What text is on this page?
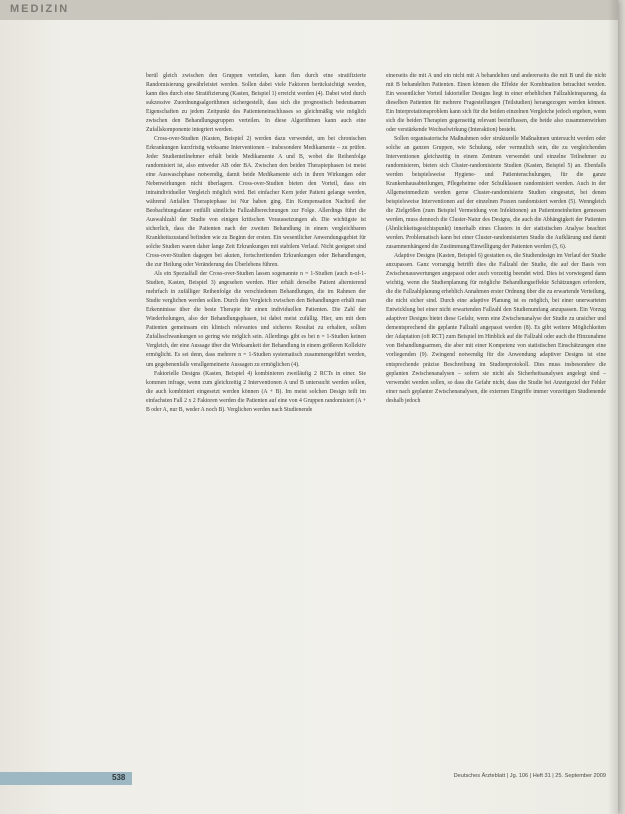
MEDIZIN

berül gleich zwischen den Gruppen verteilen, kann flen durch eine stratifizierte Randomisierung gewährleistet werden. Sollen dabei viele Faktoren berücksichtigt werden, kann dies durch eine Stratifizierung (Kasten, Beispiel 1) erreicht werden (4). Dabei wird durch sukzessive Zuordnungsalgorithmen sichergestellt, dass sich die prognostisch bedeutsamen Eigenschaften zu jedem Zeitpunkt des Patienteneinschlusses so gleichmäßig wie möglich zwischen den Behandlungsgruppen verteilen. In diese Algorithmen kann auch eine Zufallskomponente integriert werden.

Cross-over-Studien (Kasten, Beispiel 2) werden dazu verwendet, um bei chronischen Erkrankungen kurzfristig wirksame Interventionen – insbesondere Medikamente – zu prüfen. Jeder Studienteilnehmer erhält beide Medikamente A und B, wobei die Reihenfolge randomisiert ist, also entweder AB oder BA. Zwischen den beiden Therapiephasen ist meist eine Auswaschphase notwendig, damit beide Medikamente sich in ihren Wirkungen oder Nebenwirkungen nicht überlagern. Cross-over-Studien bieten den Vorteil, dass ein intraindividueller Vergleich möglich wird. Bei einfacher Kern jeder Patient gelange werden, während Anfallen Therapiephase ist Nur haben ging. Ein Kompensation Nachteil der Beobachtungsdauer entfällt sämtliche Fallzahlberechnungen zur Folge. Allerdings führt die Auswahlzahl der Studie von einigen kritischen Voraussetzungen ab. Die wichtigste ist sicherlich, dass die Patienten nach der zweiten Behandlung in einem vergleichbaren Krankheitszustand befinden wie zu Beginn der ersten. Ein wesentlicher Anwendungsgebiet für solche Studien waren daher lange Zeit Erkrankungen mit stabilem Verlauf. Nicht geeignet sind Cross-over-Studien dagegen bei akuten, fortschreitenden Erkrankungen oder Behandlungen, die zur Heilung oder Veränderung des Überlebens führen.

Als ein Spezialfall der Cross-over-Studien lassen sogenannte n = 1-Studien (auch n-of-1-Studien, Kasten, Beispiel 3) angesehen werden. Hier erhält derselbe Patient alternierend mehrfach in zufälliger Reihenfolge die verschiedenen Behandlungen, die im Rahmen der Studie verglichen werden sollen. Durch den Vergleich zwischen den Behandlungen erhält man Erkenntnisse über die beste Therapie für einen individuellen Patienten. Die Zahl der Wiederholungen, also der Behandlungsphasen, ist dabei meist zufällig. Hier, um mit dem Patienten gemeinsam ein klinisch relevantes und sicheres Resultat zu erhalten, sollten Zufallsschwankungen so gering wie möglich sein. Allerdings gibt es bei n = 1-Studien keinen Vergleich, der eine Aussage über die Wirksamkeit der Behandlung in einem größeren Kollektiv ermöglicht. Es sei denn, dass mehrere n = 1-Studien systematisch zusammengeführt werden, um gegebenenfalls verallgemeinerte Aussagen zu ermöglichen (4).

Faktorielle Designs (Kasten, Beispiel 4) kombinieren zweiläufig 2 RCTs in einer. Sie kommen infrage, wenn zum gleichzeitig 2 Interventionen A und B untersucht werden sollen, die auch kombiniert eingesetzt werden können (A + B). Im meist solchen Design teilt im einfachsten Fall 2 x 2 Faktoren werden die Patienten auf eine von 4 Gruppen randomisiert (A + B oder A, nur B, weder A noch B). Verglichen werden nach Studienende

einerseits die mit A und ein nicht mit A behandelten und andererseits die mit B und die nicht mit B behandelten Patienten. Einen können die Effekte der Kombination betrachtet werden. Ein wesentlicher Vorteil faktorieller Designs liegt in einer erheblichen Fallzahleinsparung, da dieselben Patienten für mehrere Fragestellungen (Teilstudien) herangezogen werden können. Ein Interpretationsproblem kann sich für die beiden einzelnen Vergleiche jedoch ergeben, wenn sich die beiden Therapien gegenseitig relevant beeinflussen, die beide also zusammenwirken oder verstärkende Wechselwirkung (Interaktion) besteht.

Sollen organisatorische Maßnahmen oder strukturelle Maßnahmen untersucht werden oder solche an ganzen Gruppen, wie Schulung, oder vermutlich sein, die zu vergleichenden Interventionen gleichzeitig in einem Zentrum verwendet und einzelne Teilnehmer zu randomisieren, bieten sich Cluster-randomisierte Studien (Kasten, Beispiel 5) an. Ebenfalls werden beispielsweise Hygiene- und Patientenschulungen, für die ganze Krankenhausabteilungen, Pflegeheime oder Schulklassen randomisiert werden. Auch in der Allgemeinmedizin werden gerne Cluster-randomisierte Studien eingesetzt, bei denen beispielsweise Interventionen auf der einzelnen Praxen randomisiert werden (5). Wenngleich die Zielgrößen (zum Beispiel Vermeidung von Infektionen) an Patienteneinheiten gemessen werden, muss dennoch die Cluster-Natur des Designs, die auch die Abhängigkeit der Patienten (Ähnlichkeitsgesichtspunkt) innerhalb eines Clusters in der statistischen Analyse beachtet werden. Problematisch kann bei einer Cluster-randomisierten Studie die Aufklärung und damit zusammenhängend die Zustimmung/Einwilligung der Patienten werden (5, 6).

Adaptive Designs (Kasten, Beispiel 6) gestatten es, die Studiendesign im Verlauf der Studie anzupassen. Ganz vorrangig betrifft dies die Fallzahl der Studie, die auf der Basis von Zwischenauswertungen angepasst oder auch vorzeitig beendet wird. Dies ist vorwiegend dann wichtig, wenn die Studienplanung für mögliche Behandlungseffekte Schätzungen erfordern, die die Fallzahlplanung erheblich Annahmen erster Ordnung über die zu erwartende Verteilung, die nicht sicher sind. Durch eine adaptive Planung ist es möglich, bei einer unerwarteten Entwicklung bei einer nicht erwartenden Fallzahl den Studienumfang anzupassen. Ein Vorzug adaptiver Designs bietet diese Gefahr, wenn eine Zwischenanalyse der Studie zu unsicher und dementsprechend die geplante Fallzahl angepasst werden (8). Es gibt weitere Möglichkeiten der Adaptation (oft RCT) zum Beispiel im Hinblick auf die Fallzahl oder auch die Hinzunahme von Behandlungsarmen, die aber mit einer Kompetenz von statistischen Einschätzungen eine vorliegenden (9). Zwingend notwendig für die Anwendung adaptiver Designs ist eine entsprechende präzise Beschreibung im Studienprotokoll. Dies muss insbesondere die geplanten Zwischenanalysen – sofern sie nicht als Sicherheitsanalysen angelegt sind – verwendet werden sollen, so dass die Gefahr nicht, dass die Studie bei Anzeigeziel der Fehler einer nach geplanter Zwischenanalysen, die externen Eingriffe immer vorzeitigen Studienende deshalb jedoch

538	Deutsches Ärzteblatt | Jg. 106 | Heft 31 | 25. September 2009
